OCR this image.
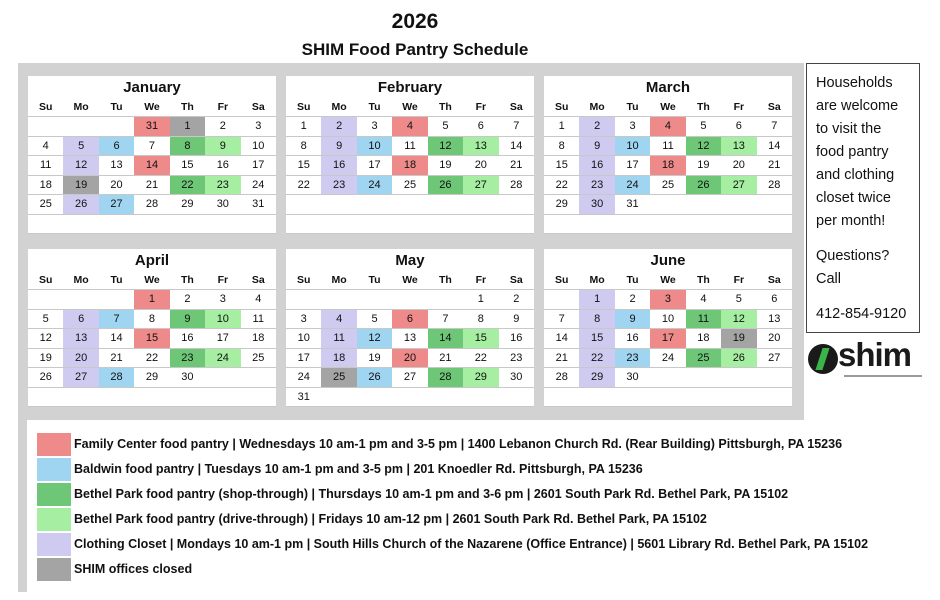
2026
SHIM Food Pantry Schedule
January
Su	Mo	Tu	We	Th	Fr	Sa
			31	1	2	3
4	5	6	7	8	9	10
11	12	13	14	15	16	17
18	19	20	21	22	23	24
25	26	27	28	29	30	31

February
Su	Mo	Tu	We	Th	Fr	Sa
1	2	3	4	5	6	7
8	9	10	11	12	13	14
15	16	17	18	19	20	21
22	23	24	25	26	27	28

March
Su	Mo	Tu	We	Th	Fr	Sa
1	2	3	4	5	6	7
8	9	10	11	12	13	14
15	16	17	18	19	20	21
22	23	24	25	26	27	28
29	30	31				

April
Su	Mo	Tu	We	Th	Fr	Sa
			1	2	3	4
5	6	7	8	9	10	11
12	13	14	15	16	17	18
19	20	21	22	23	24	25
26	27	28	29	30		

May
Su	Mo	Tu	We	Th	Fr	Sa
					1	2
3	4	5	6	7	8	9
10	11	12	13	14	15	16
17	18	19	20	21	22	23
24	25	26	27	28	29	30
31						
June
Su	Mo	Tu	We	Th	Fr	Sa
	1	2	3	4	5	6
7	8	9	10	11	12	13
14	15	16	17	18	19	20
21	22	23	24	25	26	27
28	29	30				

Households
are welcome
to visit the
food pantry
and clothing
closet twice
per month!
Questions?
Call
412-854-9120
shim
Family Center food pantry | Wednesdays 10 am-1 pm and 3-5 pm | 1400 Lebanon Church Rd. (Rear Building) Pittsburgh, PA 15236
Baldwin food pantry | Tuesdays 10 am-1 pm and 3-5 pm | 201 Knoedler Rd. Pittsburgh, PA 15236
Bethel Park food pantry (shop-through) | Thursdays 10 am-1 pm and 3-6 pm | 2601 South Park Rd. Bethel Park, PA 15102
Bethel Park food pantry (drive-through) | Fridays 10 am-12 pm | 2601 South Park Rd. Bethel Park, PA 15102
Clothing Closet | Mondays 10 am-1 pm | South Hills Church of the Nazarene (Office Entrance) | 5601 Library Rd. Bethel Park, PA 15102
SHIM offices closed
